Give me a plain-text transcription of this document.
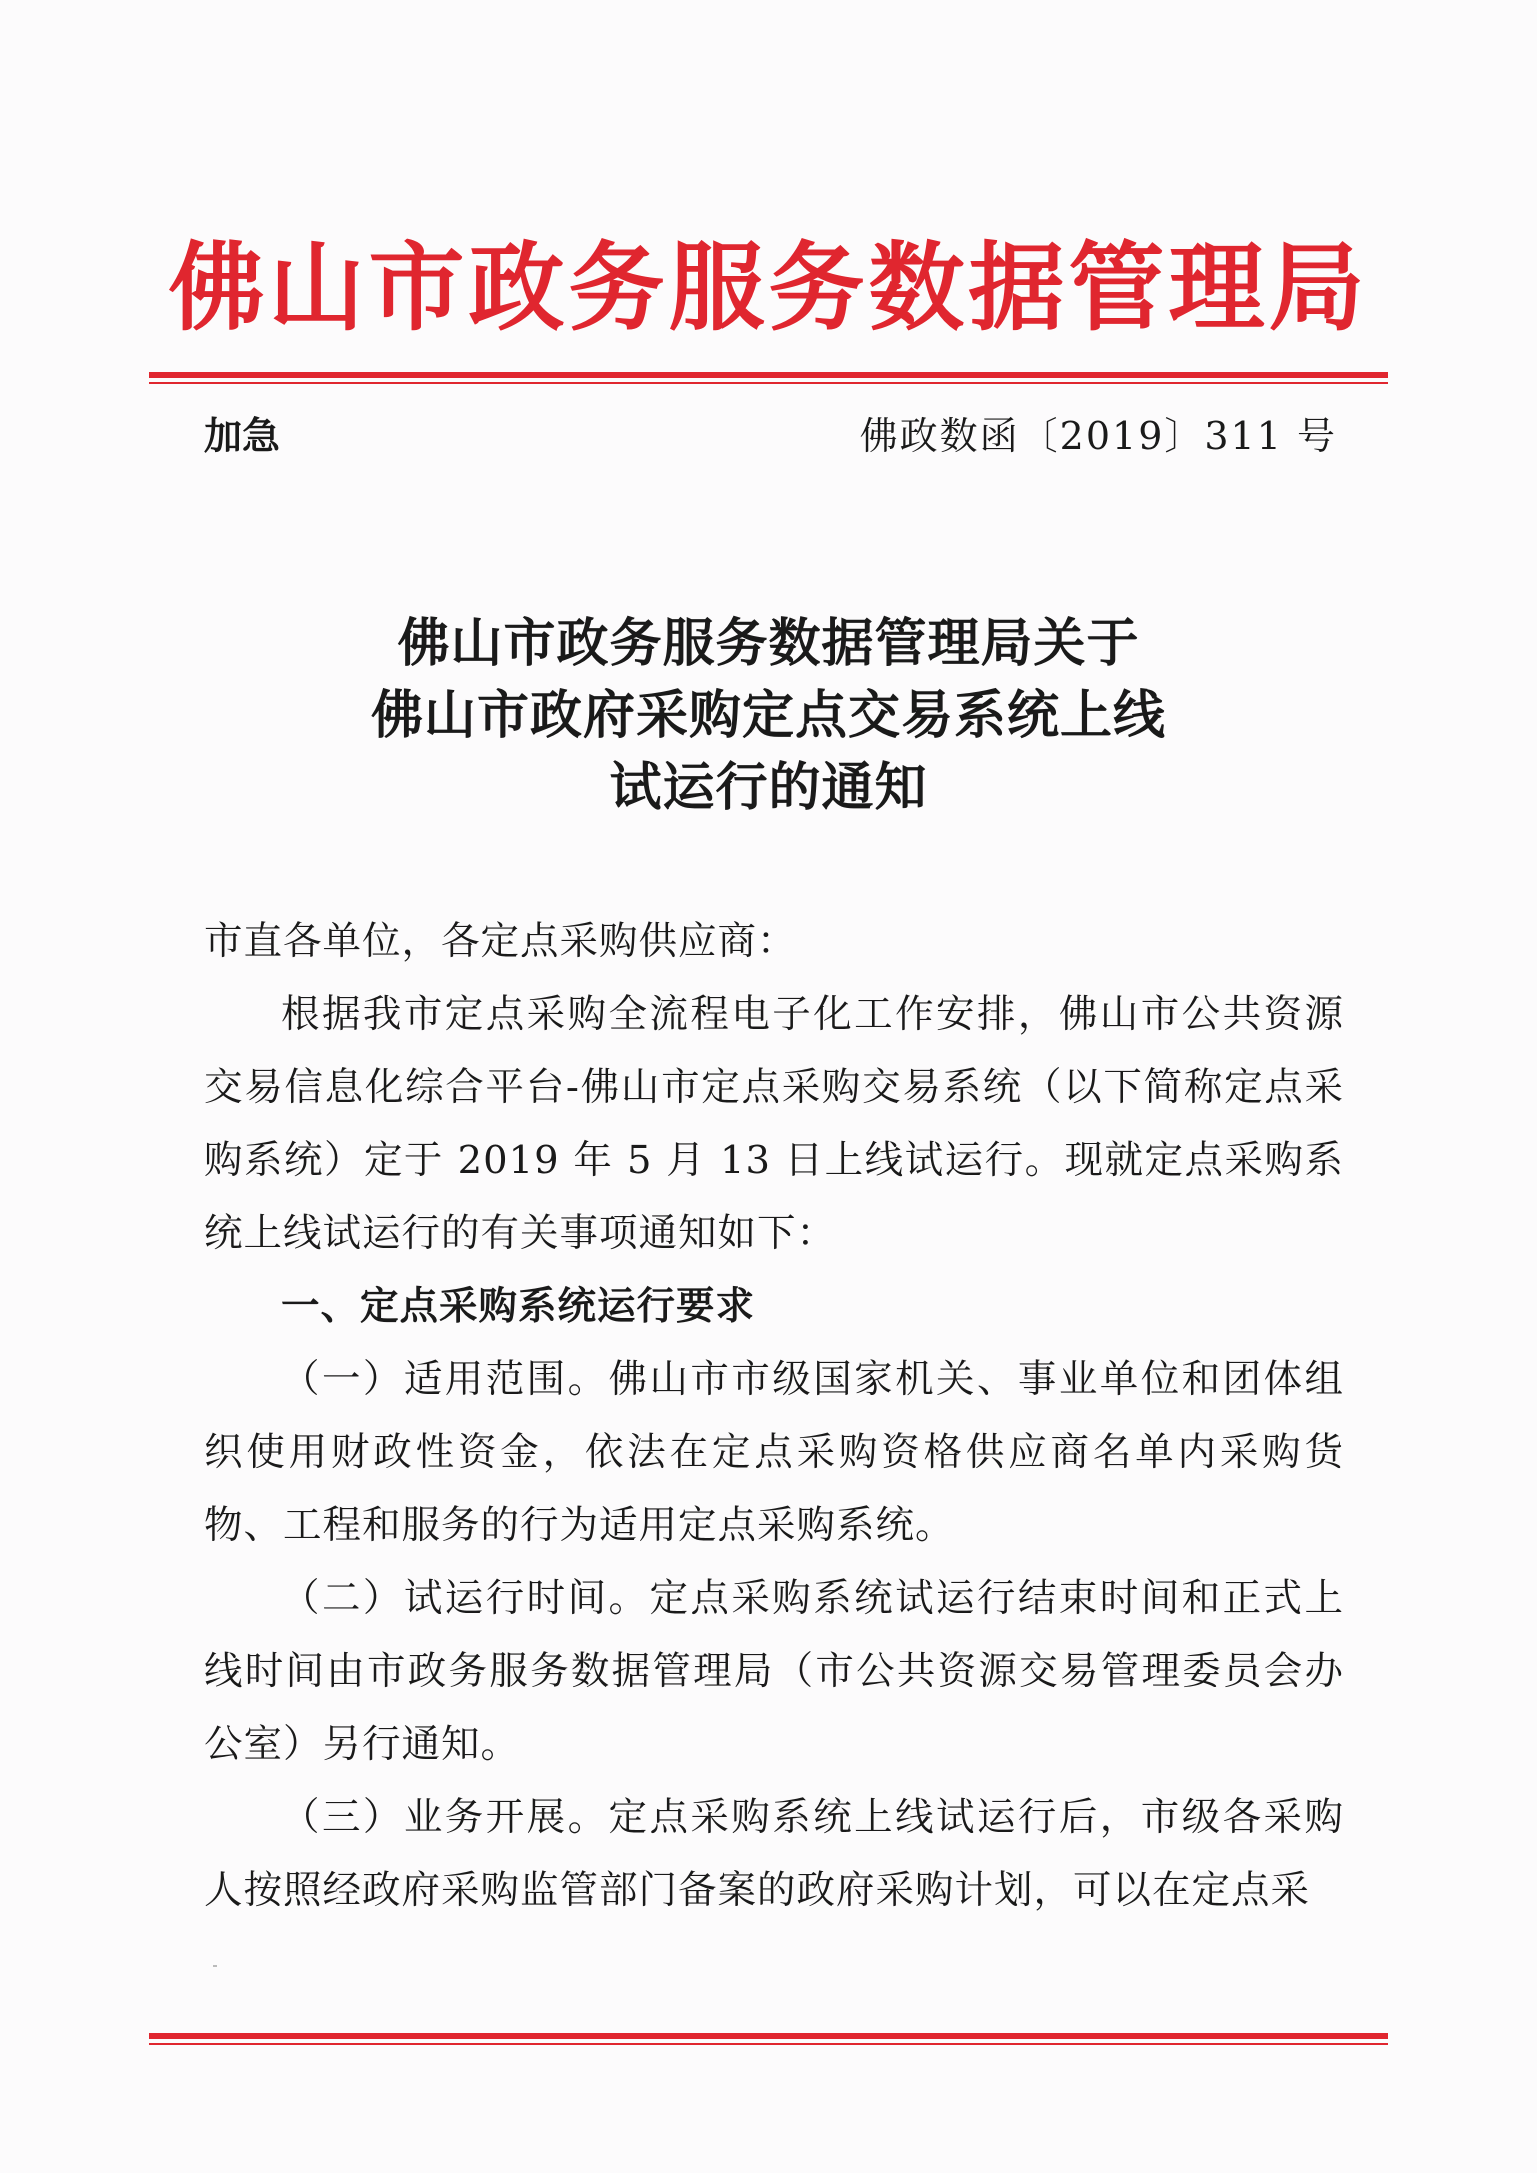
佛山市政务服务数据管理局
加急	佛政数函〔2019〕311 号
佛山市政务服务数据管理局关于
佛山市政府采购定点交易系统上线
试运行的通知

市直各单位，各定点采购供应商：

根据我市定点采购全流程电子化工作安排，佛山市公共资源交易信息化综合平台-佛山市定点采购交易系统（以下简称定点采购系统）定于 2019 年 5 月 13 日上线试运行。现就定点采购系统上线试运行的有关事项通知如下：

一、定点采购系统运行要求

（一）适用范围。佛山市市级国家机关、事业单位和团体组织使用财政性资金，依法在定点采购资格供应商名单内采购货物、工程和服务的行为适用定点采购系统。

（二）试运行时间。定点采购系统试运行结束时间和正式上线时间由市政务服务数据管理局（市公共资源交易管理委员会办公室）另行通知。

（三）业务开展。定点采购系统上线试运行后，市级各采购人按照经政府采购监管部门备案的政府采购计划，可以在定点采
